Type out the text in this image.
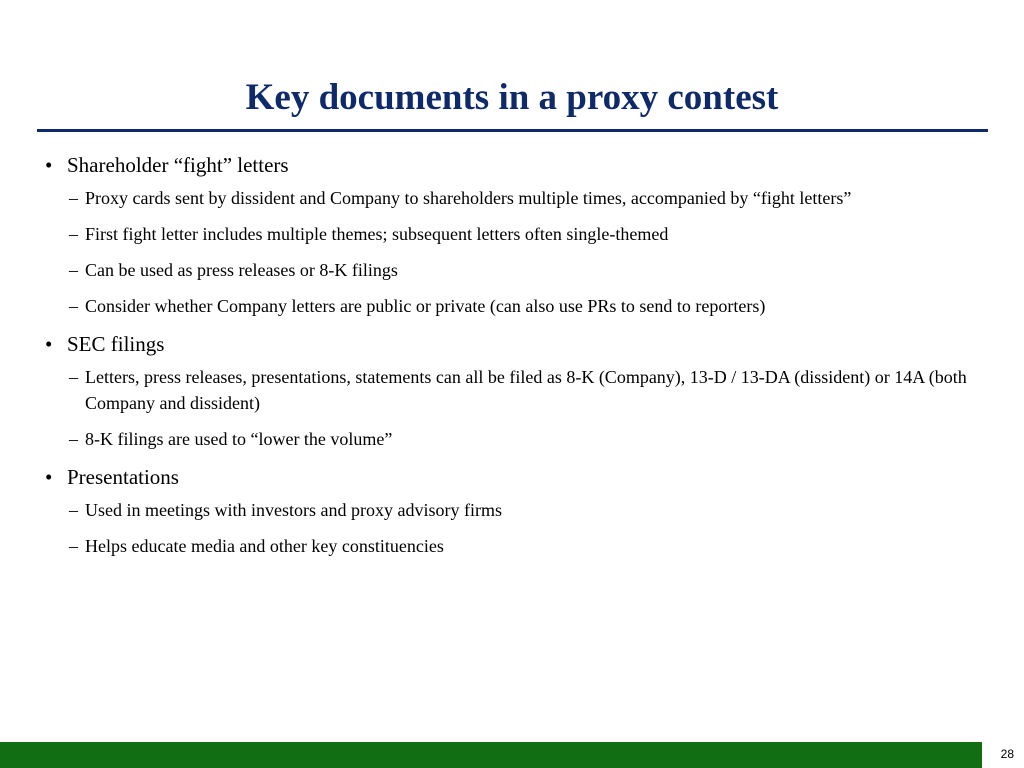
Key documents in a proxy contest
• Shareholder “fight” letters
– Proxy cards sent by dissident and Company to shareholders multiple times, accompanied by “fight letters”
– First fight letter includes multiple themes; subsequent letters often single-themed
– Can be used as press releases or 8-K filings
– Consider whether Company letters are public or private (can also use PRs to send to reporters)
• SEC filings
– Letters, press releases, presentations, statements can all be filed as 8-K (Company), 13-D / 13-DA (dissident) or 14A (both Company and dissident)
– 8-K filings are used to “lower the volume”
• Presentations
– Used in meetings with investors and proxy advisory firms
– Helps educate media and other key constituencies
28
